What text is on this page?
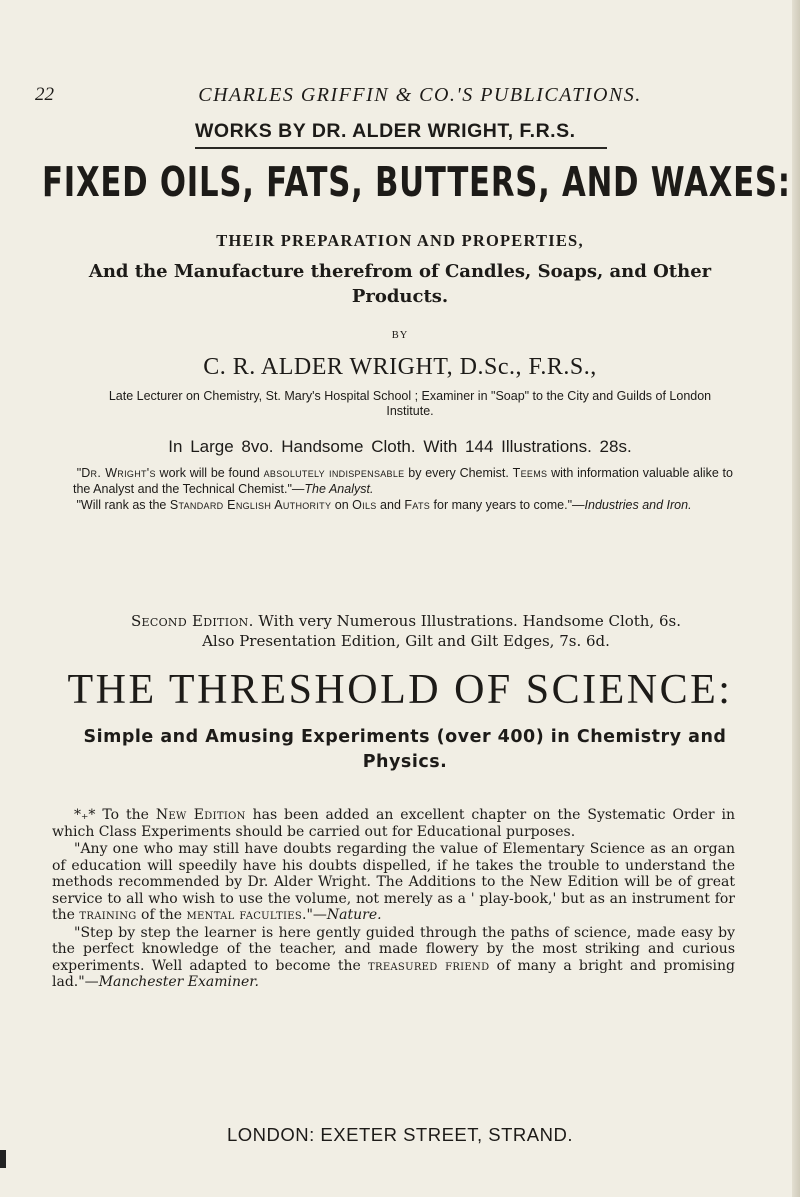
22	CHARLES GRIFFIN & CO.'S PUBLICATIONS.
WORKS BY DR. ALDER WRIGHT, F.R.S.
FIXED OILS, FATS, BUTTERS, AND WAXES:
THEIR PREPARATION AND PROPERTIES,
And the Manufacture therefrom of Candles, Soaps, and Other Products.
BY
C. R. ALDER WRIGHT, D.Sc., F.R.S.,
Late Lecturer on Chemistry, St. Mary's Hospital School ; Examiner in "Soap" to the City and Guilds of London Institute.
In Large 8vo. Handsome Cloth. With 144 Illustrations. 28s.

"Dr. Wright's work will be found absolutely indispensable by every Chemist. Teems with information valuable alike to the Analyst and the Technical Chemist."—The Analyst.

"Will rank as the Standard English Authority on Oils and Fats for many years to come."—Industries and Iron.

Second Edition. With very Numerous Illustrations. Handsome Cloth, 6s.
Also Presentation Edition, Gilt and Gilt Edges, 7s. 6d.
THE THRESHOLD OF SCIENCE:
Simple and Amusing Experiments (over 400) in Chemistry and Physics.

*₊* To the New Edition has been added an excellent chapter on the Systematic Order in which Class Experiments should be carried out for Educational purposes.

"Any one who may still have doubts regarding the value of Elementary Science as an organ of education will speedily have his doubts dispelled, if he takes the trouble to understand the methods recommended by Dr. Alder Wright. The Additions to the New Edition will be of great service to all who wish to use the volume, not merely as a ' play-book,' but as an instrument for the training of the mental faculties."—Nature.

"Step by step the learner is here gently guided through the paths of science, made easy by the perfect knowledge of the teacher, and made flowery by the most striking and curious experiments. Well adapted to become the treasured friend of many a bright and promising lad."—Manchester Examiner.

LONDON: EXETER STREET, STRAND.
